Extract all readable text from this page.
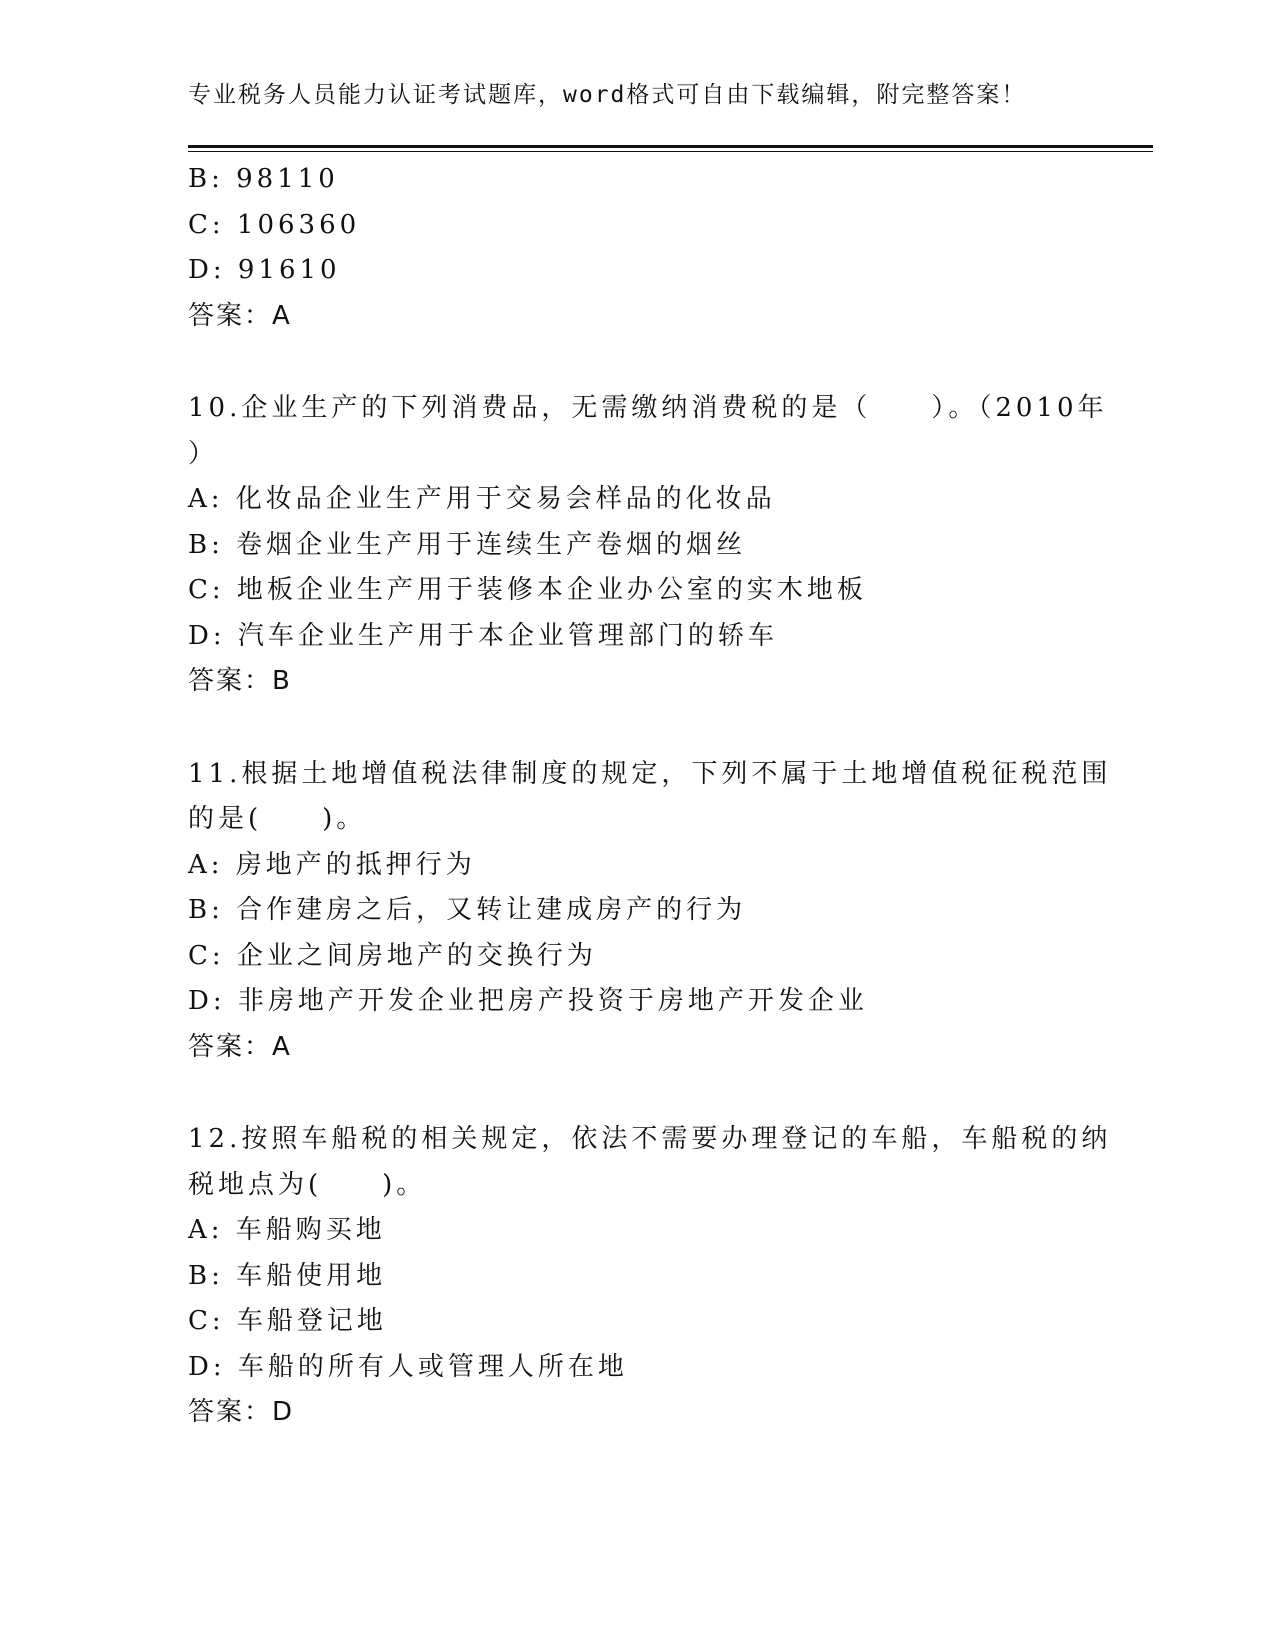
专业税务人员能力认证考试题库，word格式可自由下载编辑，附完整答案！
B: 98110
C: 106360
D: 91610
答案：A
10.企业生产的下列消费品，无需缴纳消费税的是（　　）。（2010年
）
A: 化妆品企业生产用于交易会样品的化妆品
B: 卷烟企业生产用于连续生产卷烟的烟丝
C: 地板企业生产用于装修本企业办公室的实木地板
D: 汽车企业生产用于本企业管理部门的轿车
答案：B
11.根据土地增值税法律制度的规定，下列不属于土地增值税征税范围
的是(　　)。
A: 房地产的抵押行为
B: 合作建房之后，又转让建成房产的行为
C: 企业之间房地产的交换行为
D: 非房地产开发企业把房产投资于房地产开发企业
答案：A
12.按照车船税的相关规定，依法不需要办理登记的车船，车船税的纳
税地点为(　　)。
A: 车船购买地
B: 车船使用地
C: 车船登记地
D: 车船的所有人或管理人所在地
答案：D
